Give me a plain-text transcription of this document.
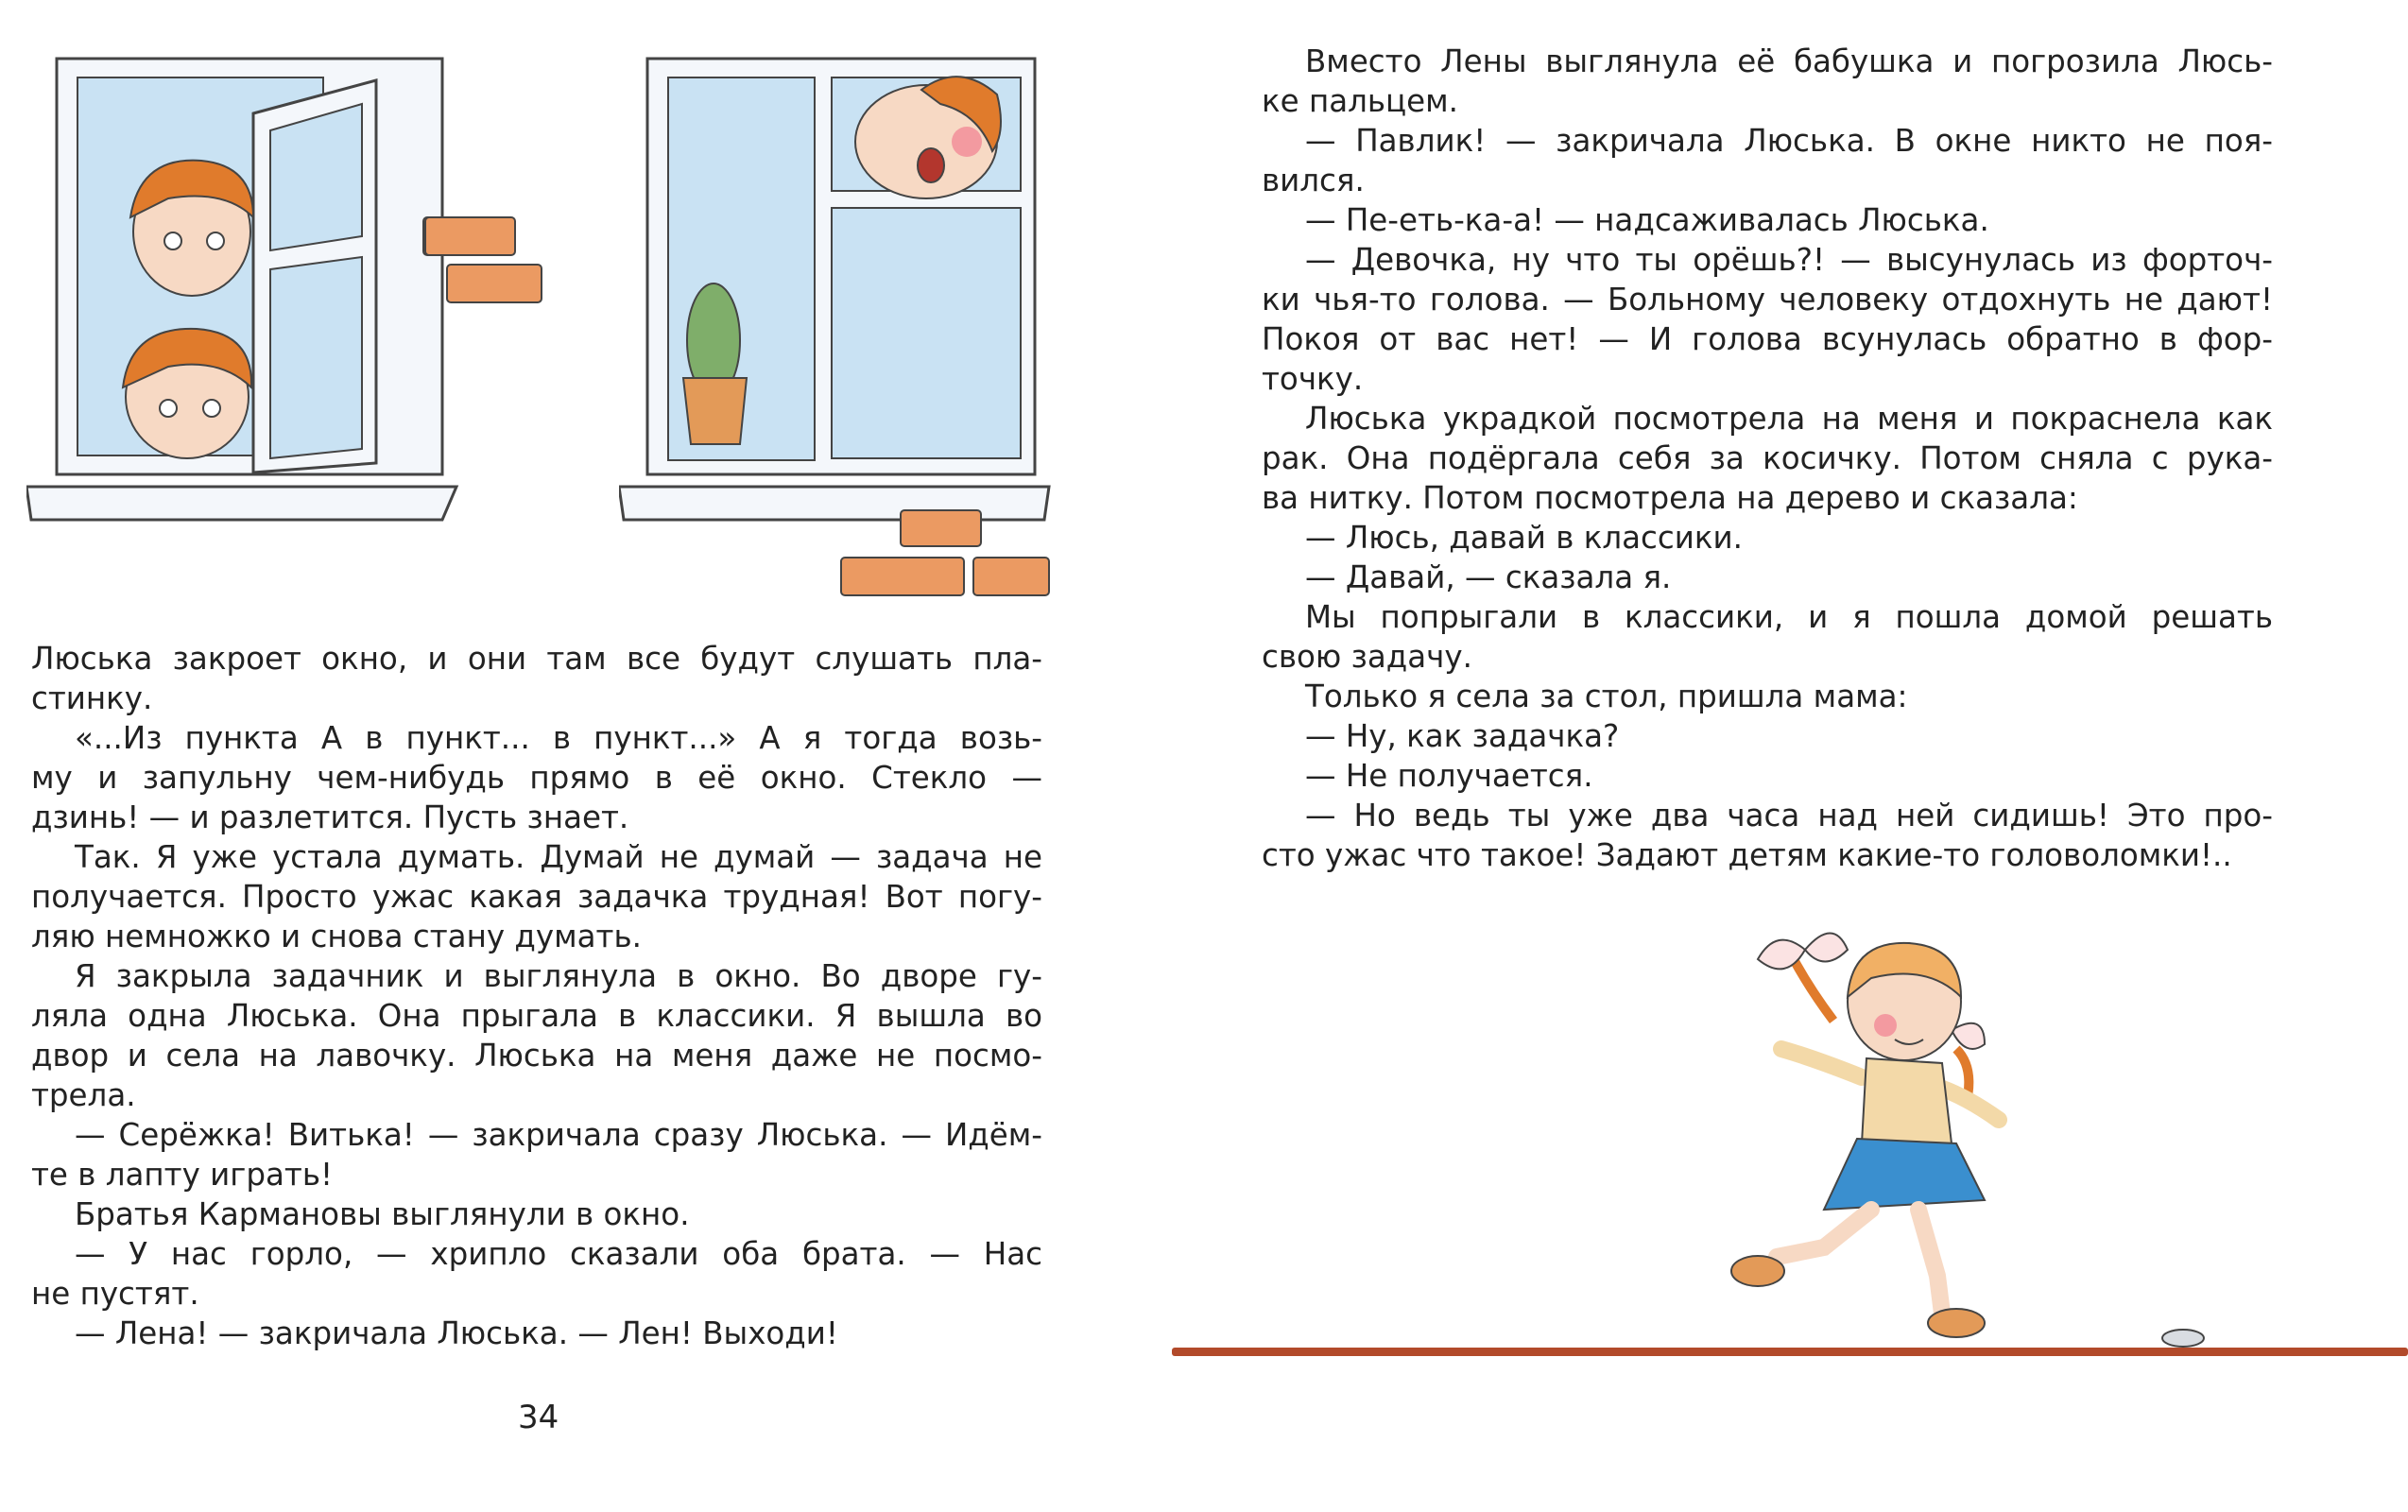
Люська закроет окно, и они там все будут слушать пла-

стинку.

«...Из пункта А в пункт... в пункт...» А я тогда возь-

му и запульну чем-нибудь прямо в её окно. Стекло —

дзинь! — и разлетится. Пусть знает.

Так. Я уже устала думать. Думай не думай — задача не

получается. Просто ужас какая задачка трудная! Вот погу-

ляю немножко и снова стану думать.

Я закрыла задачник и выглянула в окно. Во дворе гу-

ляла одна Люська. Она прыгала в классики. Я вышла во

двор и села на лавочку. Люська на меня даже не посмо-

трела.

— Серёжка! Витька! — закричала сразу Люська. — Идём-

те в лапту играть!

Братья Кармановы выглянули в окно.

— У нас горло, — хрипло сказали оба брата. — Нас

не пустят.

— Лена! — закричала Люська. — Лен! Выходи!

34

Вместо Лены выглянула её бабушка и погрозила Люсь-

ке пальцем.

— Павлик! — закричала Люська. В окне никто не поя-

вился.

— Пе-еть-ка-а! — надсаживалась Люська.

— Девочка, ну что ты орёшь?! — высунулась из форточ-

ки чья-то голова. — Больному человеку отдохнуть не дают!

Покоя от вас нет! — И голова всунулась обратно в фор-

точку.

Люська украдкой посмотрела на меня и покраснела как

рак. Она подёргала себя за косичку. Потом сняла с рука-

ва нитку. Потом посмотрела на дерево и сказала:

— Люсь, давай в классики.

— Давай, — сказала я.

Мы попрыгали в классики, и я пошла домой решать

свою задачу.

Только я села за стол, пришла мама:

— Ну, как задачка?

— Не получается.

— Но ведь ты уже два часа над ней сидишь! Это про-

сто ужас что такое! Задают детям какие-то головоломки!..
